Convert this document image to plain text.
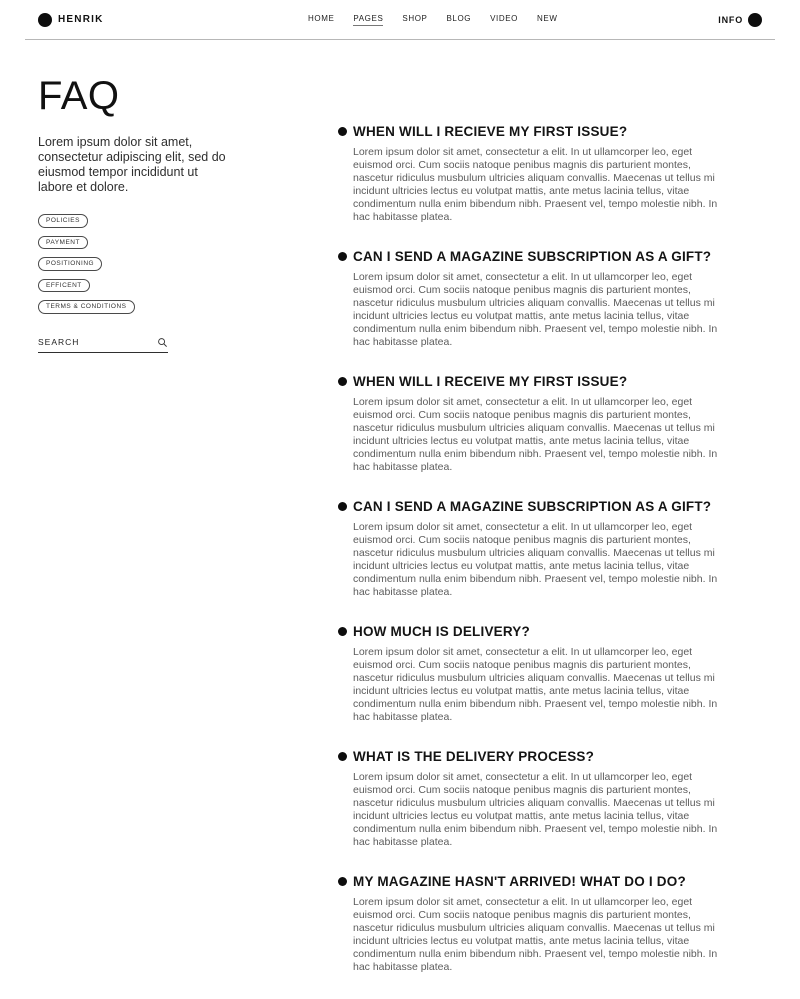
HENRIK	HOME PAGES SHOP BLOG VIDEO NEW	INFO
FAQ

Lorem ipsum dolor sit amet, consectetur adipiscing elit, sed do eiusmod tempor incididunt ut labore et dolore.

POLICIES
PAYMENT
POSITIONING
EFFICENT
TERMS & CONDITIONS
SEARCH
WHEN WILL I RECIEVE MY FIRST ISSUE?

Lorem ipsum dolor sit amet, consectetur a elit. In ut ullamcorper leo, eget euismod orci. Cum sociis natoque penibus magnis dis parturient montes, nascetur ridiculus musbulum ultricies aliquam convallis. Maecenas ut tellus mi incidunt ultricies lectus eu volutpat mattis, ante metus lacinia tellus, vitae condimentum nulla enim bibendum nibh. Praesent vel, tempo molestie nibh. In hac habitasse platea.

CAN I SEND A MAGAZINE SUBSCRIPTION AS A GIFT?

Lorem ipsum dolor sit amet, consectetur a elit. In ut ullamcorper leo, eget euismod orci. Cum sociis natoque penibus magnis dis parturient montes, nascetur ridiculus musbulum ultricies aliquam convallis. Maecenas ut tellus mi incidunt ultricies lectus eu volutpat mattis, ante metus lacinia tellus, vitae condimentum nulla enim bibendum nibh. Praesent vel, tempo molestie nibh. In hac habitasse platea.

WHEN WILL I RECEIVE MY FIRST ISSUE?

Lorem ipsum dolor sit amet, consectetur a elit. In ut ullamcorper leo, eget euismod orci. Cum sociis natoque penibus magnis dis parturient montes, nascetur ridiculus musbulum ultricies aliquam convallis. Maecenas ut tellus mi incidunt ultricies lectus eu volutpat mattis, ante metus lacinia tellus, vitae condimentum nulla enim bibendum nibh. Praesent vel, tempo molestie nibh. In hac habitasse platea.

CAN I SEND A MAGAZINE SUBSCRIPTION AS A GIFT?

Lorem ipsum dolor sit amet, consectetur a elit. In ut ullamcorper leo, eget euismod orci. Cum sociis natoque penibus magnis dis parturient montes, nascetur ridiculus musbulum ultricies aliquam convallis. Maecenas ut tellus mi incidunt ultricies lectus eu volutpat mattis, ante metus lacinia tellus, vitae condimentum nulla enim bibendum nibh. Praesent vel, tempo molestie nibh. In hac habitasse platea.

HOW MUCH IS DELIVERY?

Lorem ipsum dolor sit amet, consectetur a elit. In ut ullamcorper leo, eget euismod orci. Cum sociis natoque penibus magnis dis parturient montes, nascetur ridiculus musbulum ultricies aliquam convallis. Maecenas ut tellus mi incidunt ultricies lectus eu volutpat mattis, ante metus lacinia tellus, vitae condimentum nulla enim bibendum nibh. Praesent vel, tempo molestie nibh. In hac habitasse platea.

WHAT IS THE DELIVERY PROCESS?

Lorem ipsum dolor sit amet, consectetur a elit. In ut ullamcorper leo, eget euismod orci. Cum sociis natoque penibus magnis dis parturient montes, nascetur ridiculus musbulum ultricies aliquam convallis. Maecenas ut tellus mi incidunt ultricies lectus eu volutpat mattis, ante metus lacinia tellus, vitae condimentum nulla enim bibendum nibh. Praesent vel, tempo molestie nibh. In hac habitasse platea.

MY MAGAZINE HASN'T ARRIVED! WHAT DO I DO?

Lorem ipsum dolor sit amet, consectetur a elit. In ut ullamcorper leo, eget euismod orci. Cum sociis natoque penibus magnis dis parturient montes, nascetur ridiculus musbulum ultricies aliquam convallis. Maecenas ut tellus mi incidunt ultricies lectus eu volutpat mattis, ante metus lacinia tellus, vitae condimentum nulla enim bibendum nibh. Praesent vel, tempo molestie nibh. In hac habitasse platea.
